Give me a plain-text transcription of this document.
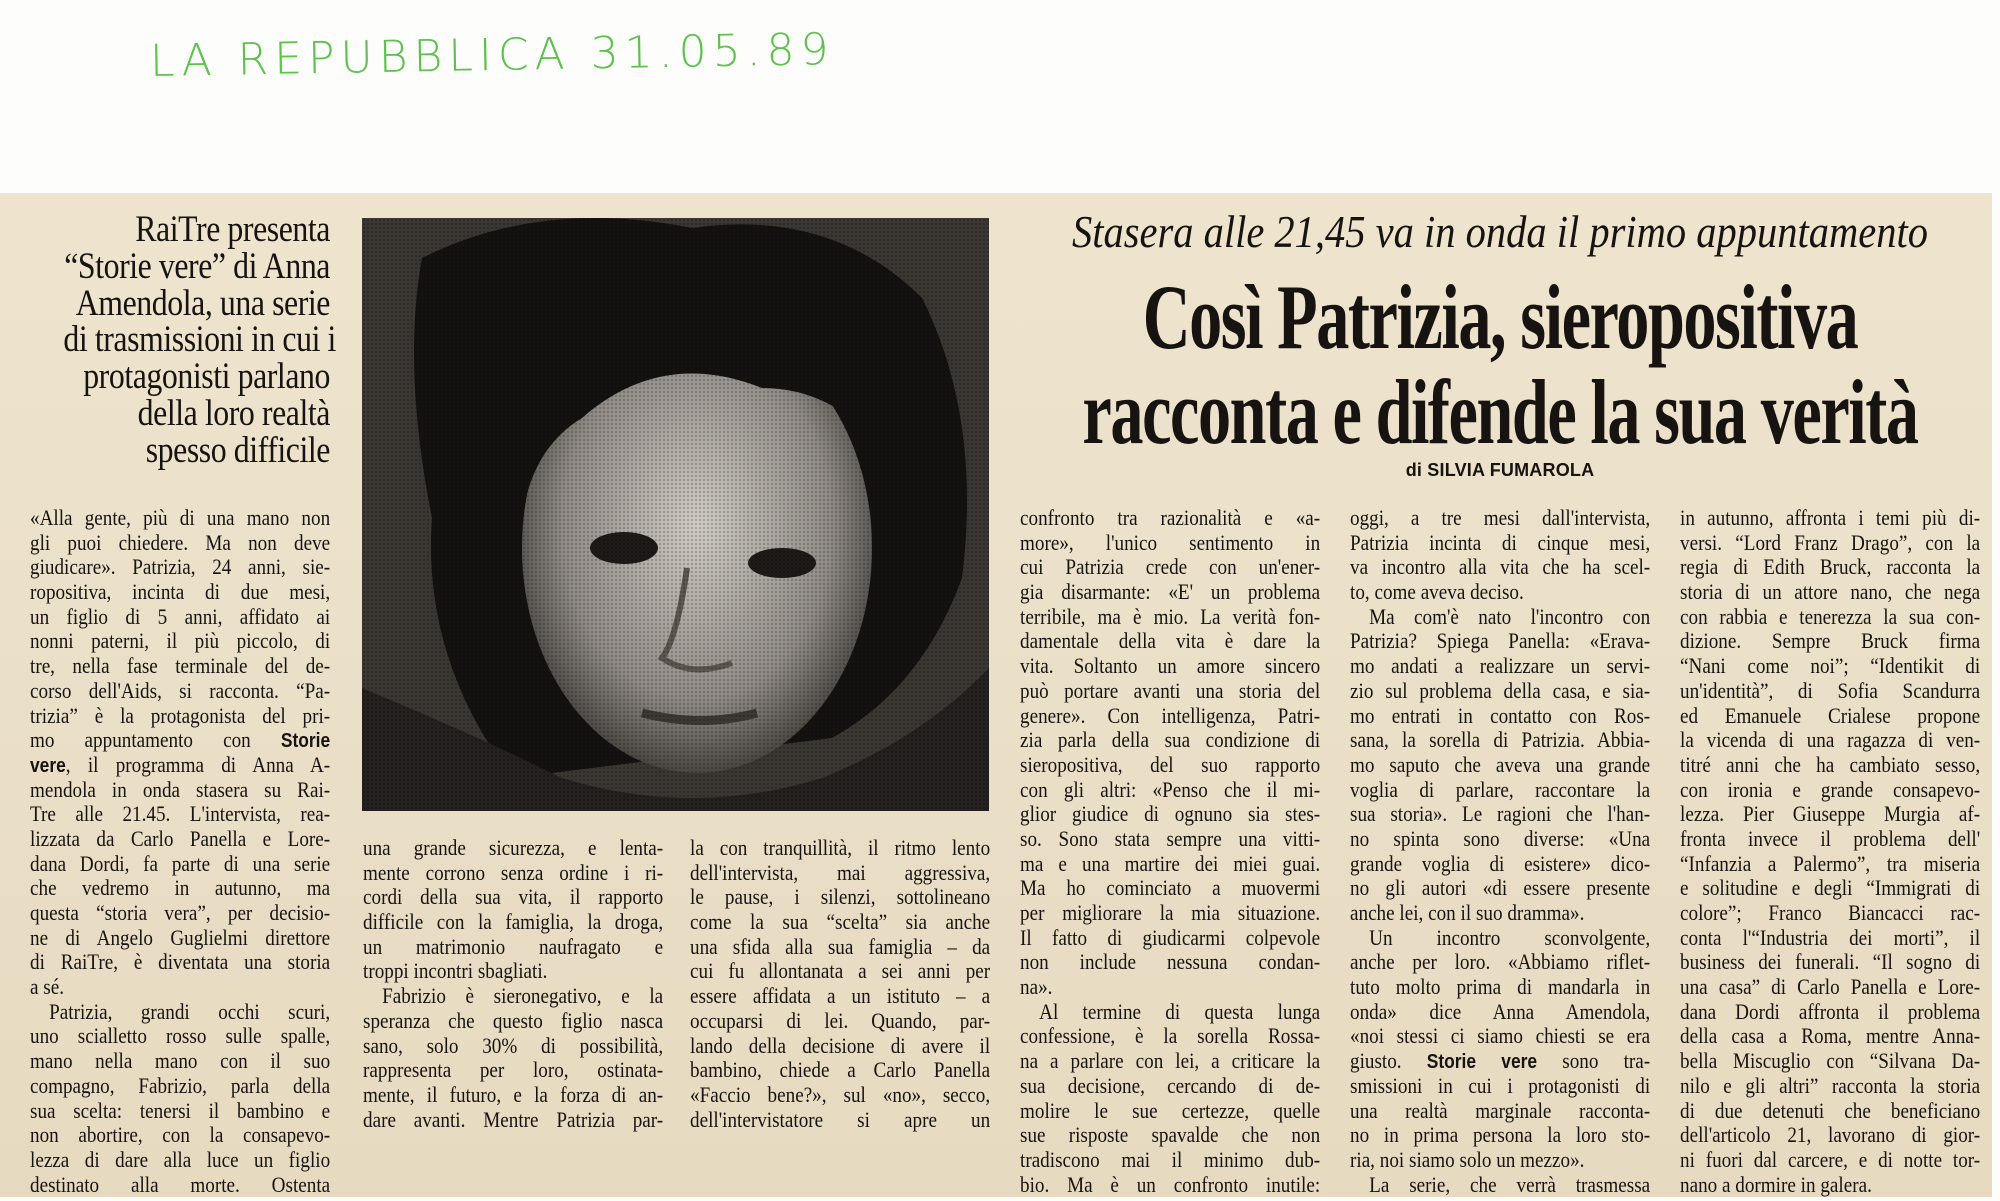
LA REPUBBLICA 31.05.89
RaiTre presenta
“Storie vere” di Anna
Amendola, una serie
di trasmissioni in cui i
protagonisti parlano
della loro realtà
spesso difficile
Stasera alle 21,45 va in onda il primo appuntamento
Così Patrizia, sieropositiva
racconta e difende la sua verità
di SILVIA FUMAROLA
«Alla gente, più di una mano non
gli puoi chiedere. Ma non deve
giudicare». Patrizia, 24 anni, sie-
ropositiva, incinta di due mesi,
un figlio di 5 anni, affidato ai
nonni paterni, il più piccolo, di
tre, nella fase terminale del de-
corso dell'Aids, si racconta. “Pa-
trizia” è la protagonista del pri-
mo appuntamento con Storie
vere, il programma di Anna A-
mendola in onda stasera su Rai-
Tre alle 21.45. L'intervista, rea-
lizzata da Carlo Panella e Lore-
dana Dordi, fa parte di una serie
che vedremo in autunno, ma
questa “storia vera”, per decisio-
ne di Angelo Guglielmi direttore
di RaiTre, è diventata una storia
a sé.
Patrizia, grandi occhi scuri,
uno scialletto rosso sulle spalle,
mano nella mano con il suo
compagno, Fabrizio, parla della
sua scelta: tenersi il bambino e
non abortire, con la consapevo-
lezza di dare alla luce un figlio
destinato alla morte. Ostenta
una grande sicurezza, e lenta-
mente corrono senza ordine i ri-
cordi della sua vita, il rapporto
difficile con la famiglia, la droga,
un matrimonio naufragato e
troppi incontri sbagliati.
Fabrizio è sieronegativo, e la
speranza che questo figlio nasca
sano, solo 30% di possibilità,
rappresenta per loro, ostinata-
mente, il futuro, e la forza di an-
dare avanti. Mentre Patrizia par-
la con tranquillità, il ritmo lento
dell'intervista, mai aggressiva,
le pause, i silenzi, sottolineano
come la sua “scelta” sia anche
una sfida alla sua famiglia – da
cui fu allontanata a sei anni per
essere affidata a un istituto – a
occuparsi di lei. Quando, par-
lando della decisione di avere il
bambino, chiede a Carlo Panella
«Faccio bene?», sul «no», secco,
dell'intervistatore si apre un
confronto tra razionalità e «a-
more», l'unico sentimento in
cui Patrizia crede con un'ener-
gia disarmante: «E' un problema
terribile, ma è mio. La verità fon-
damentale della vita è dare la
vita. Soltanto un amore sincero
può portare avanti una storia del
genere». Con intelligenza, Patri-
zia parla della sua condizione di
sieropositiva, del suo rapporto
con gli altri: «Penso che il mi-
glior giudice di ognuno sia stes-
so. Sono stata sempre una vitti-
ma e una martire dei miei guai.
Ma ho cominciato a muovermi
per migliorare la mia situazione.
Il fatto di giudicarmi colpevole
non include nessuna condan-
na».
Al termine di questa lunga
confessione, è la sorella Rossa-
na a parlare con lei, a criticare la
sua decisione, cercando di de-
molire le sue certezze, quelle
sue risposte spavalde che non
tradiscono mai il minimo dub-
bio. Ma è un confronto inutile:
oggi, a tre mesi dall'intervista,
Patrizia incinta di cinque mesi,
va incontro alla vita che ha scel-
to, come aveva deciso.
Ma com'è nato l'incontro con
Patrizia? Spiega Panella: «Erava-
mo andati a realizzare un servi-
zio sul problema della casa, e sia-
mo entrati in contatto con Ros-
sana, la sorella di Patrizia. Abbia-
mo saputo che aveva una grande
voglia di parlare, raccontare la
sua storia». Le ragioni che l'han-
no spinta sono diverse: «Una
grande voglia di esistere» dico-
no gli autori «di essere presente
anche lei, con il suo dramma».
Un incontro sconvolgente,
anche per loro. «Abbiamo riflet-
tuto molto prima di mandarla in
onda» dice Anna Amendola,
«noi stessi ci siamo chiesti se era
giusto. Storie vere sono tra-
smissioni in cui i protagonisti di
una realtà marginale racconta-
no in prima persona la loro sto-
ria, noi siamo solo un mezzo».
La serie, che verrà trasmessa
in autunno, affronta i temi più di-
versi. “Lord Franz Drago”, con la
regia di Edith Bruck, racconta la
storia di un attore nano, che nega
con rabbia e tenerezza la sua con-
dizione. Sempre Bruck firma
“Nani come noi”; “Identikit di
un'identità”, di Sofia Scandurra
ed Emanuele Crialese propone
la vicenda di una ragazza di ven-
titré anni che ha cambiato sesso,
con ironia e grande consapevo-
lezza. Pier Giuseppe Murgia af-
fronta invece il problema dell'
“Infanzia a Palermo”, tra miseria
e solitudine e degli “Immigrati di
colore”; Franco Biancacci rac-
conta l'“Industria dei morti”, il
business dei funerali. “Il sogno di
una casa” di Carlo Panella e Lore-
dana Dordi affronta il problema
della casa a Roma, mentre Anna-
bella Miscuglio con “Silvana Da-
nilo e gli altri” racconta la storia
di due detenuti che beneficiano
dell'articolo 21, lavorano di gior-
ni fuori dal carcere, e di notte tor-
nano a dormire in galera.
